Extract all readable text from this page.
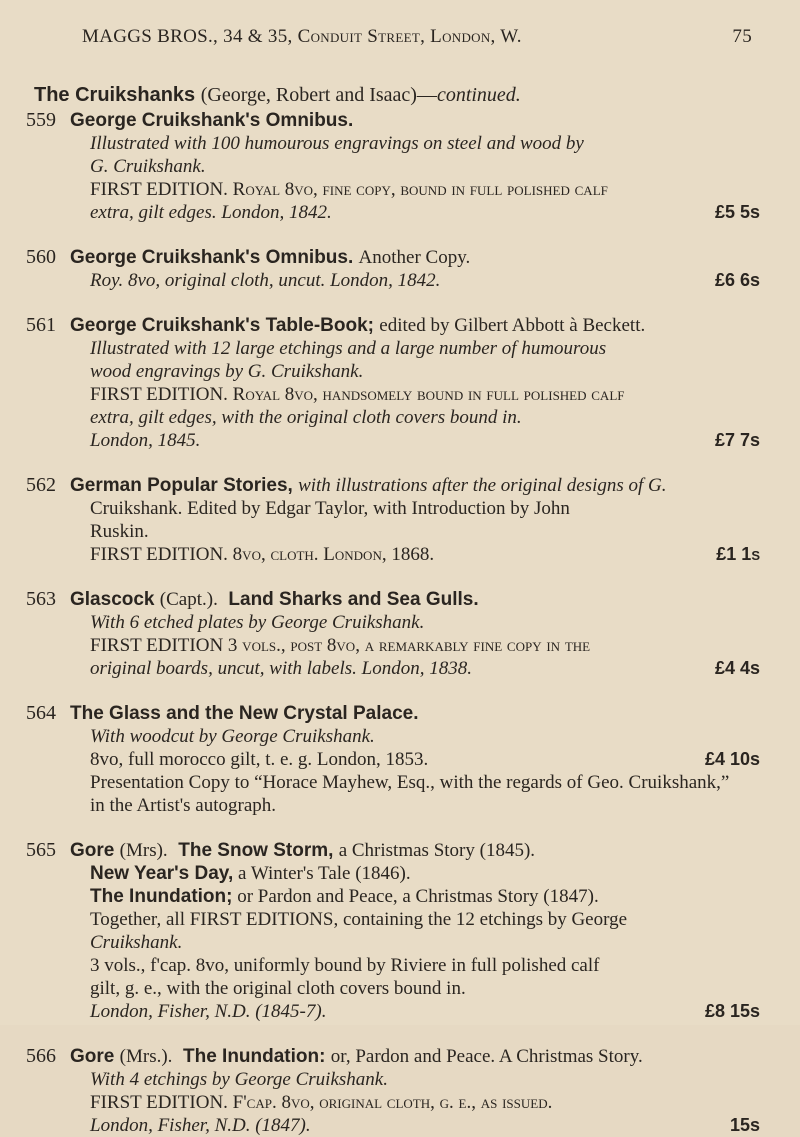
MAGGS BROS., 34 & 35, Conduit Street, London, W.	75
The Cruikshanks (George, Robert and Isaac)—continued.
559 George Cruikshank's Omnibus.
Illustrated with 100 humourous engravings on steel and wood by
G. Cruikshank.
FIRST EDITION. Royal 8vo, fine copy, bound in full polished calf
extra, gilt edges. London, 1842.	£5 5s
560 George Cruikshank's Omnibus. Another Copy.
Roy. 8vo, original cloth, uncut. London, 1842.	£6 6s
561 George Cruikshank's Table-Book; edited by Gilbert Abbott à Beckett.
Illustrated with 12 large etchings and a large number of humourous
wood engravings by G. Cruikshank.
FIRST EDITION. Royal 8vo, handsomely bound in full polished calf
extra, gilt edges, with the original cloth covers bound in.
London, 1845.	£7 7s
562 German Popular Stories, with illustrations after the original designs of G.
Cruikshank. Edited by Edgar Taylor, with Introduction by John
Ruskin.
FIRST EDITION. 8vo, cloth. London, 1868.	£1 1s
563 Glascock (Capt.). Land Sharks and Sea Gulls.
With 6 etched plates by George Cruikshank.
FIRST EDITION 3 vols., post 8vo, a remarkably fine copy in the
original boards, uncut, with labels. London, 1838.	£4 4s
564 The Glass and the New Crystal Palace.
With woodcut by George Cruikshank.
8vo, full morocco gilt, t. e. g. London, 1853.	£4 10s
Presentation Copy to “Horace Mayhew, Esq., with the regards of Geo. Cruikshank,”
in the Artist's autograph.
565 Gore (Mrs). The Snow Storm, a Christmas Story (1845).
New Year's Day, a Winter's Tale (1846).
The Inundation; or Pardon and Peace, a Christmas Story (1847).
Together, all FIRST EDITIONS, containing the 12 etchings by George
Cruikshank.
3 vols., f'cap. 8vo, uniformly bound by Riviere in full polished calf
gilt, g. e., with the original cloth covers bound in.
London, Fisher, N.D. (1845-7).	£8 15s
566 Gore (Mrs.). The Inundation: or, Pardon and Peace. A Christmas Story.
With 4 etchings by George Cruikshank.
FIRST EDITION. F'cap. 8vo, original cloth, g. e., as issued.
London, Fisher, N.D. (1847).	15s
